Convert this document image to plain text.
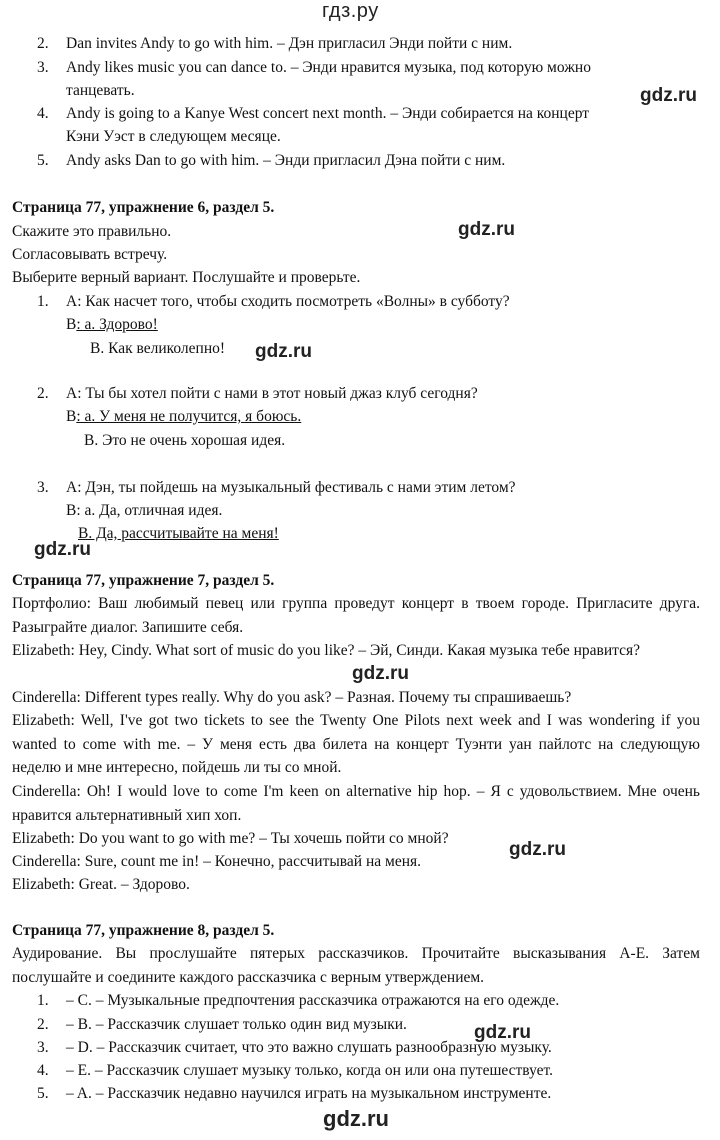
гдз.ру
2. Dan invites Andy to go with him. – Дэн пригласил Энди пойти с ним.
3. Andy likes music you can dance to. – Энди нравится музыка, под которую можно
танцевать.	gdz.ru
4. Andy is going to a Kanye West concert next month. – Энди собирается на концерт
Кэни Уэст в следующем месяце.
5. Andy asks Dan to go with him. – Энди пригласил Дэна пойти с ним.
Страница 77, упражнение 6, раздел 5.
Скажите это правильно.	gdz.ru
Согласовывать встречу.
Выберите верный вариант. Послушайте и проверьте.
1. A: Как насчет того, чтобы сходить посмотреть «Волны» в субботу?
B: a. Здорово!
B. Как великолепно! gdz.ru
2. A: Ты бы хотел пойти с нами в этот новый джаз клуб сегодня?
B: a. У меня не получится, я боюсь.
B. Это не очень хорошая идея.
3. A: Дэн, ты пойдешь на музыкальный фестиваль с нами этим летом?
B: a. Да, отличная идея.
B. Да, рассчитывайте на меня!
gdz.ru
Страница 77, упражнение 7, раздел 5.
Портфолио: Ваш любимый певец или группа проведут концерт в твоем городе. Пригласите друга. Разыграйте диалог. Запишите себя.
Elizabeth: Hey, Cindy. What sort of music do you like? – Эй, Синди. Какая музыка тебе нравится?
gdz.ru
Cinderella: Different types really. Why do you ask? – Разная. Почему ты спрашиваешь?
Elizabeth: Well, I've got two tickets to see the Twenty One Pilots next week and I was wondering if you wanted to come with me. – У меня есть два билета на концерт Туэнти уан пайлотс на следующую неделю и мне интересно, пойдешь ли ты со мной.
Cinderella: Oh! I would love to come I'm keen on alternative hip hop. – Я с удовольствием. Мне очень нравится альтернативный хип хоп.
Elizabeth: Do you want to go with me? – Ты хочешь пойти со мной?
Cinderella: Sure, count me in! – Конечно, рассчитывай на меня.
gdz.ru
Elizabeth: Great. – Здорово.
Страница 77, упражнение 8, раздел 5.
Аудирование. Вы прослушайте пятерых рассказчиков. Прочитайте высказывания A-E. Затем послушайте и соедините каждого рассказчика с верным утверждением.
1. – C. – Музыкальные предпочтения рассказчика отражаются на его одежде.
2. – B. – Рассказчик слушает только один вид музыки.	gdz.ru
3. – D. – Рассказчик считает, что это важно слушать разнообразную музыку.
4. – E. – Рассказчик слушает музыку только, когда он или она путешествует.
5. – A. – Рассказчик недавно научился играть на музыкальном инструменте.
gdz.ru
